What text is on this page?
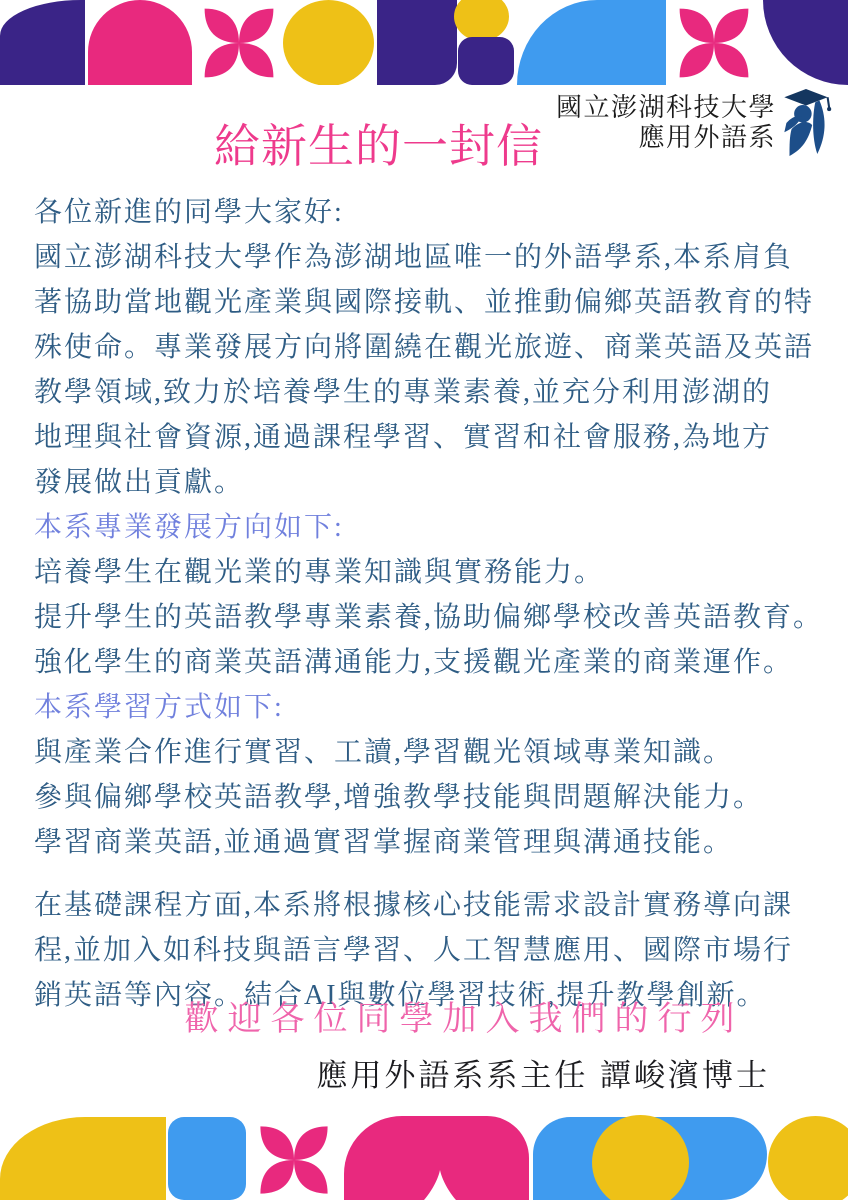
國立澎湖科技大學
應用外語系
給新生的一封信
各位新進的同學大家好:
國立澎湖科技大學作為澎湖地區唯一的外語學系,本系肩負
著協助當地觀光產業與國際接軌、並推動偏鄉英語教育的特
殊使命。專業發展方向將圍繞在觀光旅遊、商業英語及英語
教學領域,致力於培養學生的專業素養,並充分利用澎湖的
地理與社會資源,通過課程學習、實習和社會服務,為地方
發展做出貢獻。
本系專業發展方向如下:
培養學生在觀光業的專業知識與實務能力。
提升學生的英語教學專業素養,協助偏鄉學校改善英語教育。
強化學生的商業英語溝通能力,支援觀光產業的商業運作。
本系學習方式如下:
與產業合作進行實習、工讀,學習觀光領域專業知識。
參與偏鄉學校英語教學,增強教學技能與問題解決能力。
學習商業英語,並通過實習掌握商業管理與溝通技能。
在基礎課程方面,本系將根據核心技能需求設計實務導向課
程,並加入如科技與語言學習、人工智慧應用、國際市場行
銷英語等內容。結合AI與數位學習技術,提升教學創新。
歡迎各位同學加入我們的行列
應用外語系系主任 譚峻濱博士
